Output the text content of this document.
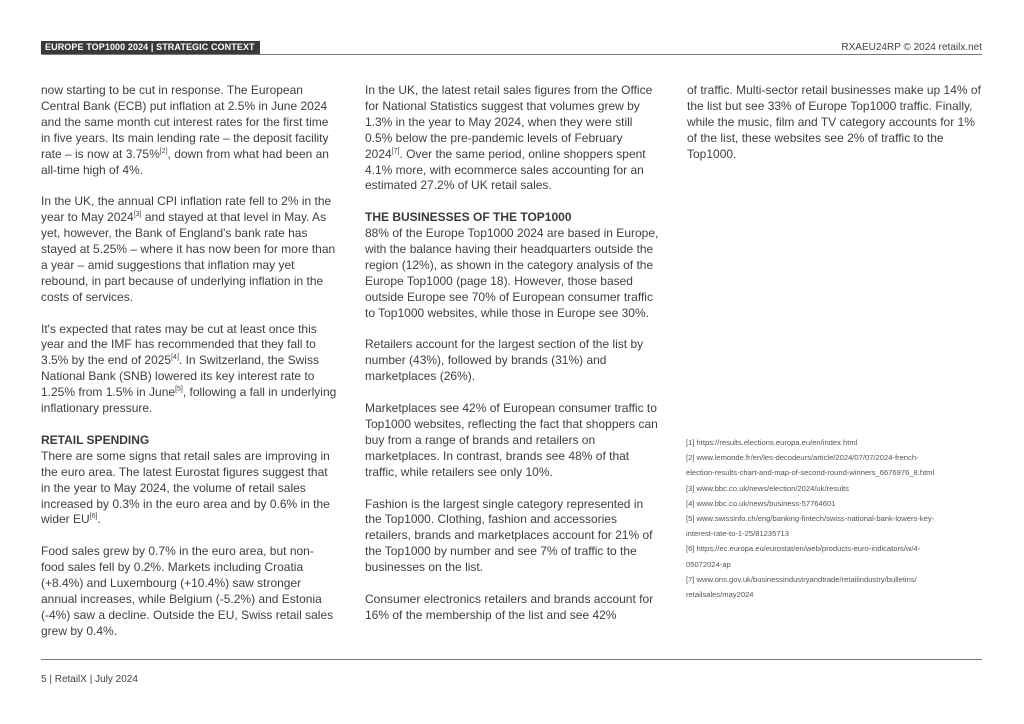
EUROPE TOP1000 2024 | STRATEGIC CONTEXT	RXAEU24RP © 2024 retailx.net

now starting to be cut in response. The European Central Bank (ECB) put inflation at 2.5% in June 2024 and the same month cut interest rates for the first time in five years. Its main lending rate – the deposit facility rate – is now at 3.75%[2], down from what had been an all-time high of 4%.

In the UK, the annual CPI inflation rate fell to 2% in the year to May 2024[3] and stayed at that level in May. As yet, however, the Bank of England's bank rate has stayed at 5.25% – where it has now been for more than a year – amid suggestions that inflation may yet rebound, in part because of underlying inflation in the costs of services.

It's expected that rates may be cut at least once this year and the IMF has recommended that they fall to 3.5% by the end of 2025[4]. In Switzerland, the Swiss National Bank (SNB) lowered its key interest rate to 1.25% from 1.5% in June[5], following a fall in underlying inflationary pressure.

RETAIL SPENDING

There are some signs that retail sales are improving in the euro area. The latest Eurostat figures suggest that in the year to May 2024, the volume of retail sales increased by 0.3% in the euro area and by 0.6% in the wider EU[6].

Food sales grew by 0.7% in the euro area, but non-food sales fell by 0.2%. Markets including Croatia (+8.4%) and Luxembourg (+10.4%) saw stronger annual increases, while Belgium (-5.2%) and Estonia (-4%) saw a decline. Outside the EU, Swiss retail sales grew by 0.4%.

In the UK, the latest retail sales figures from the Office for National Statistics suggest that volumes grew by 1.3% in the year to May 2024, when they were still 0.5% below the pre-pandemic levels of February 2024[7]. Over the same period, online shoppers spent 4.1% more, with ecommerce sales accounting for an estimated 27.2% of UK retail sales.

THE BUSINESSES OF THE TOP1000

88% of the Europe Top1000 2024 are based in Europe, with the balance having their headquarters outside the region (12%), as shown in the category analysis of the Europe Top1000 (page 18). However, those based outside Europe see 70% of European consumer traffic to Top1000 websites, while those in Europe see 30%.

Retailers account for the largest section of the list by number (43%), followed by brands (31%) and marketplaces (26%).

Marketplaces see 42% of European consumer traffic to Top1000 websites, reflecting the fact that shoppers can buy from a range of brands and retailers on marketplaces. In contrast, brands see 48% of that traffic, while retailers see only 10%.

Fashion is the largest single category represented in the Top1000. Clothing, fashion and accessories retailers, brands and marketplaces account for 21% of the Top1000 by number and see 7% of traffic to the businesses on the list.

Consumer electronics retailers and brands account for 16% of the membership of the list and see 42%

of traffic. Multi-sector retail businesses make up 14% of the list but see 33% of Europe Top1000 traffic. Finally, while the music, film and TV category accounts for 1% of the list, these websites see 2% of traffic to the Top1000.

[1] https://results.elections.europa.eu/en/index.html
[2] www.lemonde.fr/en/les-decodeurs/article/2024/07/07/2024-french-
election-results-chart-and-map-of-second-round-winners_6676976_8.html
[3] www.bbc.co.uk/news/election/2024/uk/results
[4] www.bbc.co.uk/news/business-57764601
[5] www.swissinfo.ch/eng/banking-fintech/swiss-national-bank-lowers-key-
interest-rate-to-1-25/81235713
[6] https://ec.europa.eu/eurostat/en/web/products-euro-indicators/w/4-
05072024-ap
[7] www.ons.gov.uk/businessindustryandtrade/retailindustry/bulletins/
retailsales/may2024
5 | RetailX | July 2024
